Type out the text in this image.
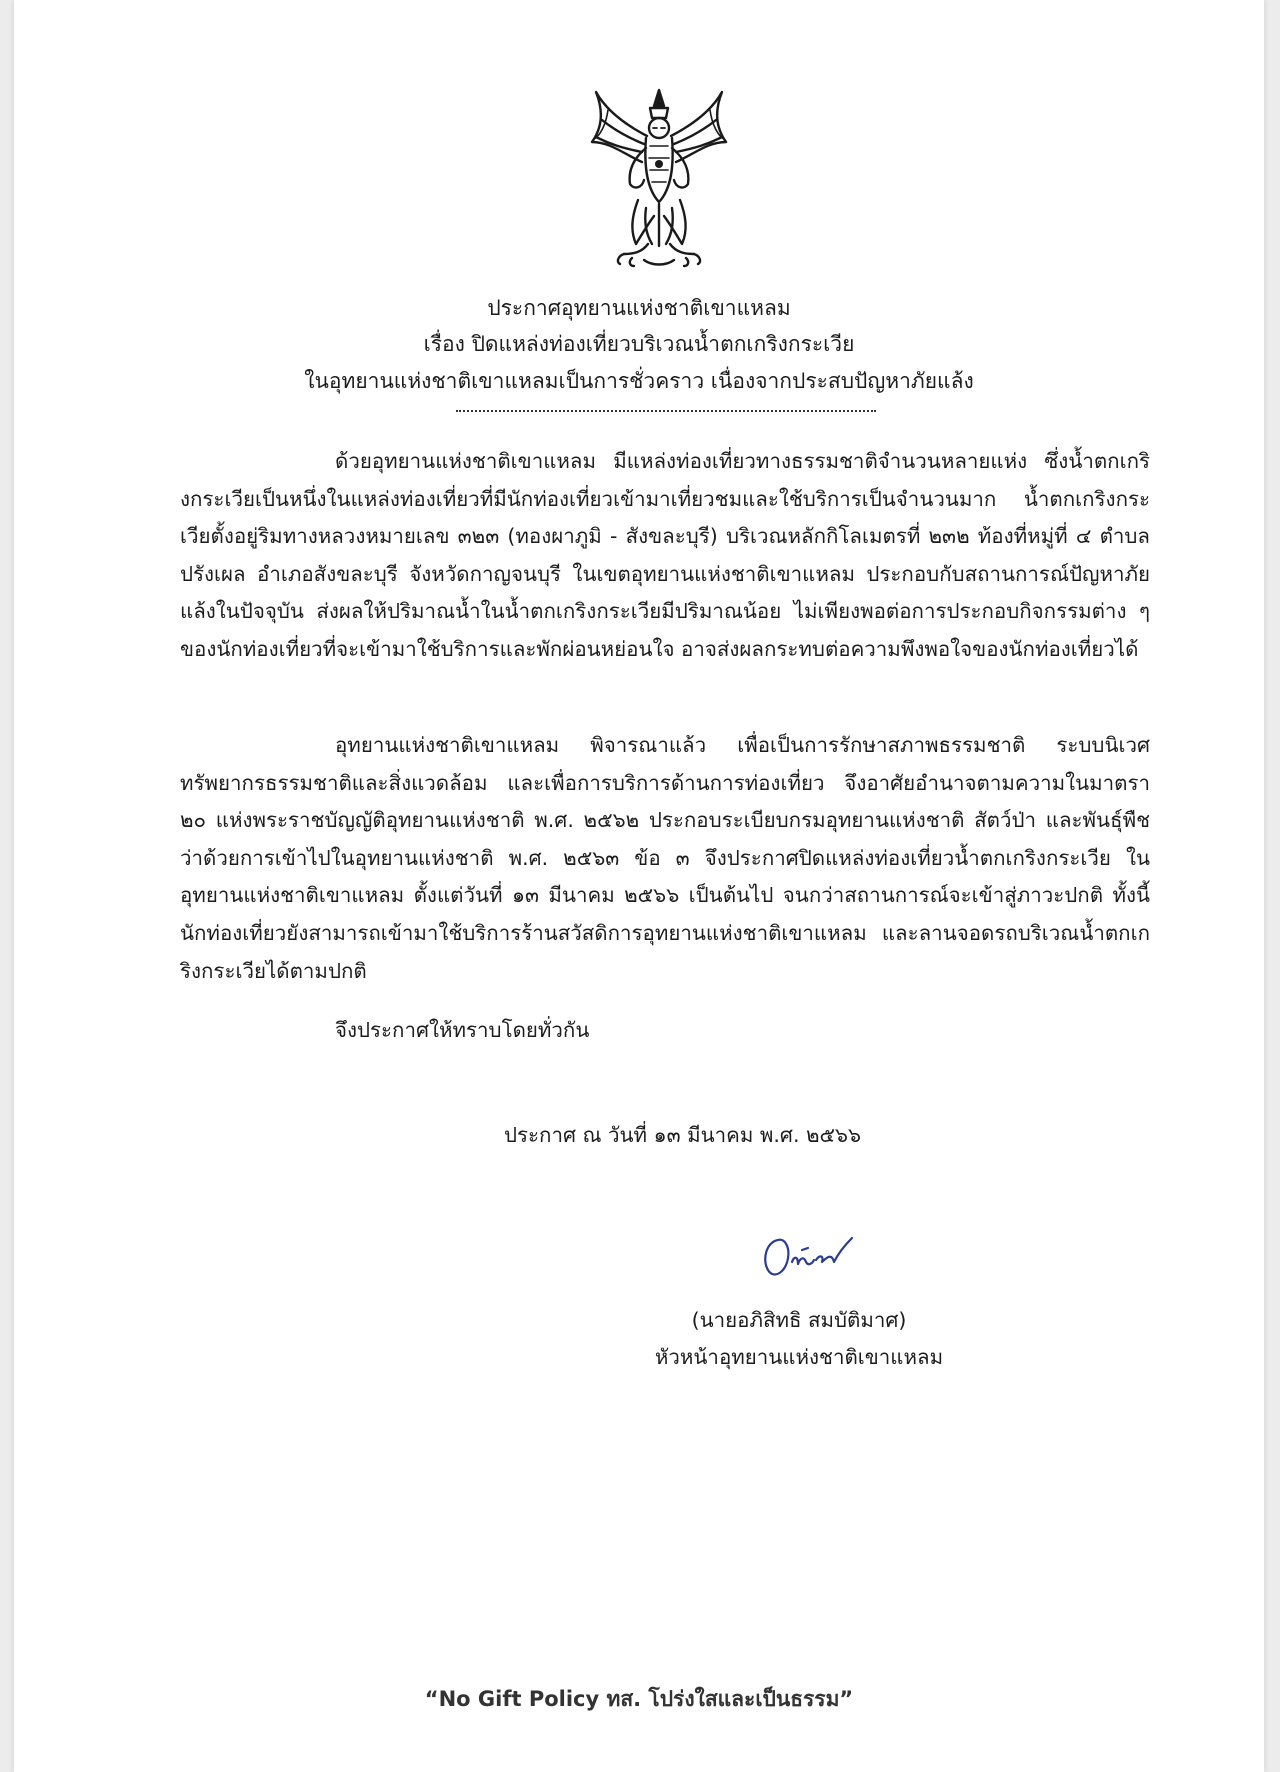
ประกาศอุทยานแห่งชาติเขาแหลม
เรื่อง ปิดแหล่งท่องเที่ยวบริเวณน้ำตกเกริงกระเวีย
ในอุทยานแห่งชาติเขาแหลมเป็นการชั่วคราว เนื่องจากประสบปัญหาภัยแล้ง
ด้วยอุทยานแห่งชาติเขาแหลม มีแหล่งท่องเที่ยวทางธรรมชาติจำนวนหลายแห่ง ซึ่งน้ำตกเกริงกระเวียเป็นหนึ่งในแหล่งท่องเที่ยวที่มีนักท่องเที่ยวเข้ามาเที่ยวชมและใช้บริการเป็นจำนวนมาก น้ำตกเกริงกระเวียตั้งอยู่ริมทางหลวงหมายเลข ๓๒๓ (ทองผาภูมิ - สังขละบุรี) บริเวณหลักกิโลเมตรที่ ๒๓๒ ท้องที่หมู่ที่ ๔ ตำบลปรังเผล อำเภอสังขละบุรี จังหวัดกาญจนบุรี ในเขตอุทยานแห่งชาติเขาแหลม ประกอบกับสถานการณ์ปัญหาภัยแล้งในปัจจุบัน ส่งผลให้ปริมาณน้ำในน้ำตกเกริงกระเวียมีปริมาณน้อย ไม่เพียงพอต่อการประกอบกิจกรรมต่าง ๆ ของนักท่องเที่ยวที่จะเข้ามาใช้บริการและพักผ่อนหย่อนใจ อาจส่งผลกระทบต่อความพึงพอใจของนักท่องเที่ยวได้
อุทยานแห่งชาติเขาแหลม พิจารณาแล้ว เพื่อเป็นการรักษาสภาพธรรมชาติ ระบบนิเวศ ทรัพยากรธรรมชาติและสิ่งแวดล้อม และเพื่อการบริการด้านการท่องเที่ยว จึงอาศัยอำนาจตามความในมาตรา ๒๐ แห่งพระราชบัญญัติอุทยานแห่งชาติ พ.ศ. ๒๕๖๒ ประกอบระเบียบกรมอุทยานแห่งชาติ สัตว์ป่า และพันธุ์พืช ว่าด้วยการเข้าไปในอุทยานแห่งชาติ พ.ศ. ๒๕๖๓ ข้อ ๓ จึงประกาศปิดแหล่งท่องเที่ยวน้ำตกเกริงกระเวีย ในอุทยานแห่งชาติเขาแหลม ตั้งแต่วันที่ ๑๓ มีนาคม ๒๕๖๖ เป็นต้นไป จนกว่าสถานการณ์จะเข้าสู่ภาวะปกติ ทั้งนี้ นักท่องเที่ยวยังสามารถเข้ามาใช้บริการร้านสวัสดิการอุทยานแห่งชาติเขาแหลม และลานจอดรถบริเวณน้ำตกเกริงกระเวียได้ตามปกติ
จึงประกาศให้ทราบโดยทั่วกัน
ประกาศ ณ วันที่ ๑๓ มีนาคม พ.ศ. ๒๕๖๖
(นายอภิสิทธิ สมบัติมาศ)
หัวหน้าอุทยานแห่งชาติเขาแหลม
“No Gift Policy ทส. โปร่งใสและเป็นธรรม”
